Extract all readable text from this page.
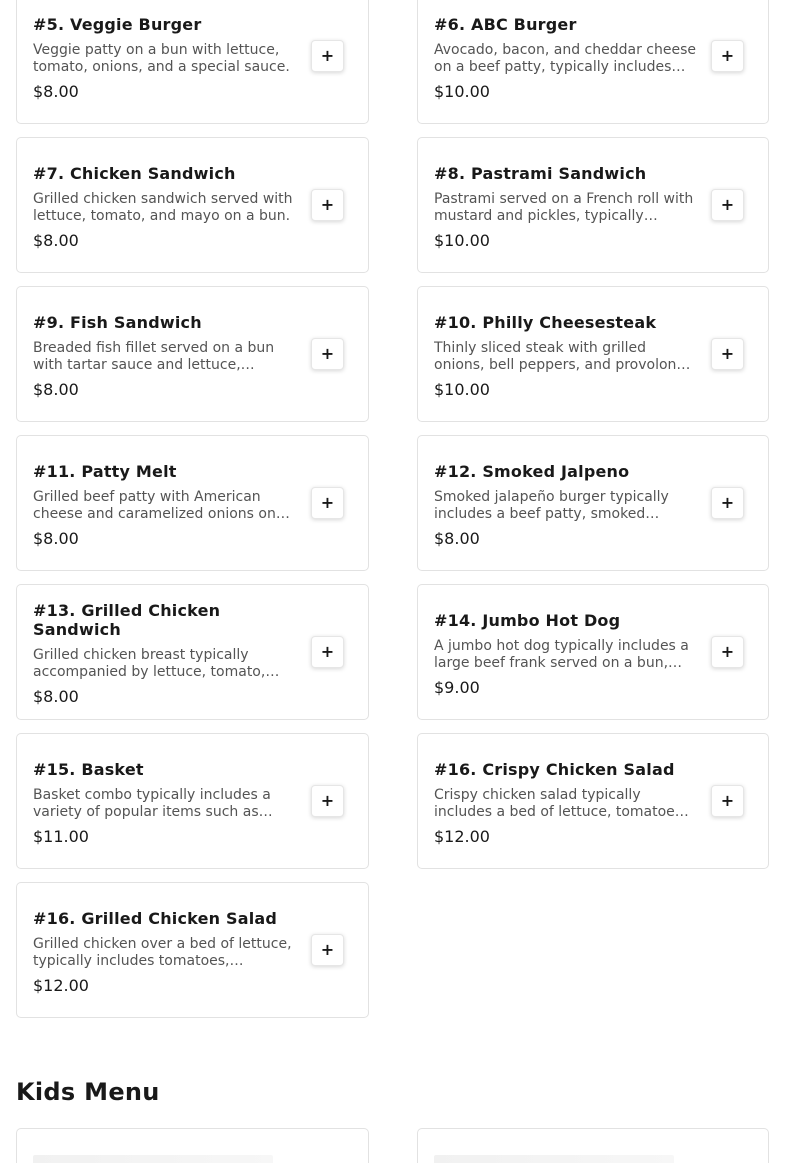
#5. Veggie Burger
Veggie patty on a bun with lettuce, tomato, onions, and a special sauce.
$8.00
+
#6. ABC Burger
Avocado, bacon, and cheddar cheese on a beef patty, typically includes
$10.00
+
#7. Chicken Sandwich
Grilled chicken sandwich served with lettuce, tomato, and mayo on a bun.
$8.00
+
#8. Pastrami Sandwich
Pastrami served on a French roll with mustard and pickles, typically
$10.00
+
#9. Fish Sandwich
Breaded fish fillet served on a bun with tartar sauce and lettuce,
$8.00
+
#10. Philly Cheesesteak
Thinly sliced steak with grilled onions, bell peppers, and provolone
$10.00
+
#11. Patty Melt
Grilled beef patty with American cheese and caramelized onions on
$8.00
+
#12. Smoked Jalpeno
Smoked jalapeño burger typically includes a beef patty, smoked
$8.00
+
#13. Grilled Chicken Sandwich
Grilled chicken breast typically accompanied by lettuce, tomato,
$8.00
+
#14. Jumbo Hot Dog
A jumbo hot dog typically includes a large beef frank served on a bun,
$9.00
+
#15. Basket
Basket combo typically includes a variety of popular items such as
$11.00
+
#16. Crispy Chicken Salad
Crispy chicken salad typically includes a bed of lettuce, tomatoes,
$12.00
+
#16. Grilled Chicken Salad
Grilled chicken over a bed of lettuce, typically includes tomatoes,
$12.00
+
Kids Menu
